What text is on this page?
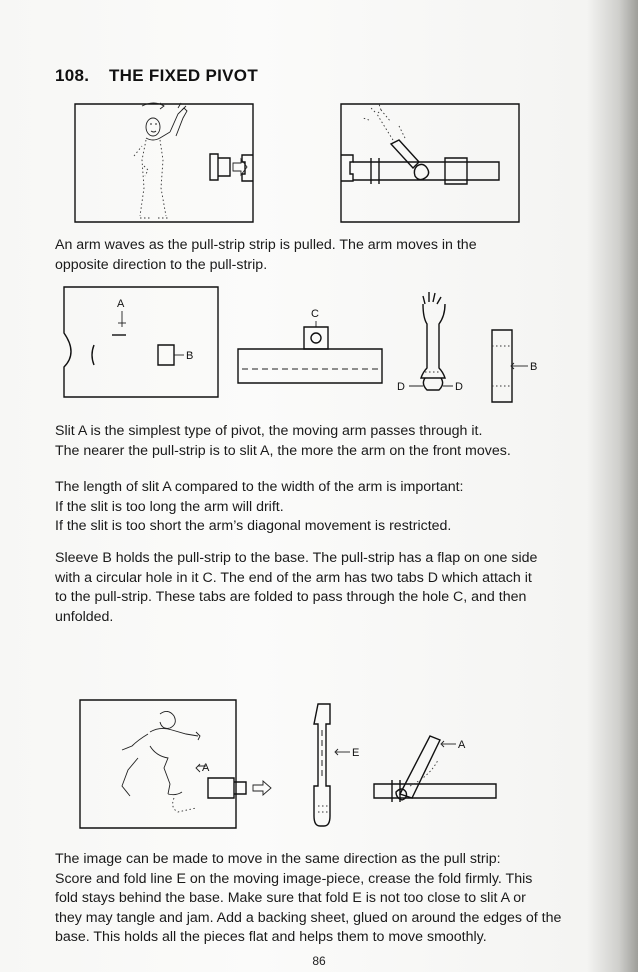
108. THE FIXED PIVOT
An arm waves as the pull-strip strip is pulled. The arm moves in the
opposite direction to the pull-strip.
A
B
C
D	D
B
Slit A is the simplest type of pivot, the moving arm passes through it.
The nearer the pull-strip is to slit A, the more the arm on the front moves.
The length of slit A compared to the width of the arm is important:
If the slit is too long the arm will drift.
If the slit is too short the arm’s diagonal movement is restricted.
Sleeve B holds the pull-strip to the base. The pull-strip has a flap on one side
with a circular hole in it C. The end of the arm has two tabs D which attach it
to the pull-strip. These tabs are folded to pass through the hole C, and then
unfolded.
A
E
A
The image can be made to move in the same direction as the pull strip:
Score and fold line E on the moving image-piece, crease the fold firmly. This
fold stays behind the base. Make sure that fold E is not too close to slit A or
they may tangle and jam. Add a backing sheet, glued on around the edges of the
base. This holds all the pieces flat and helps them to move smoothly.
86
